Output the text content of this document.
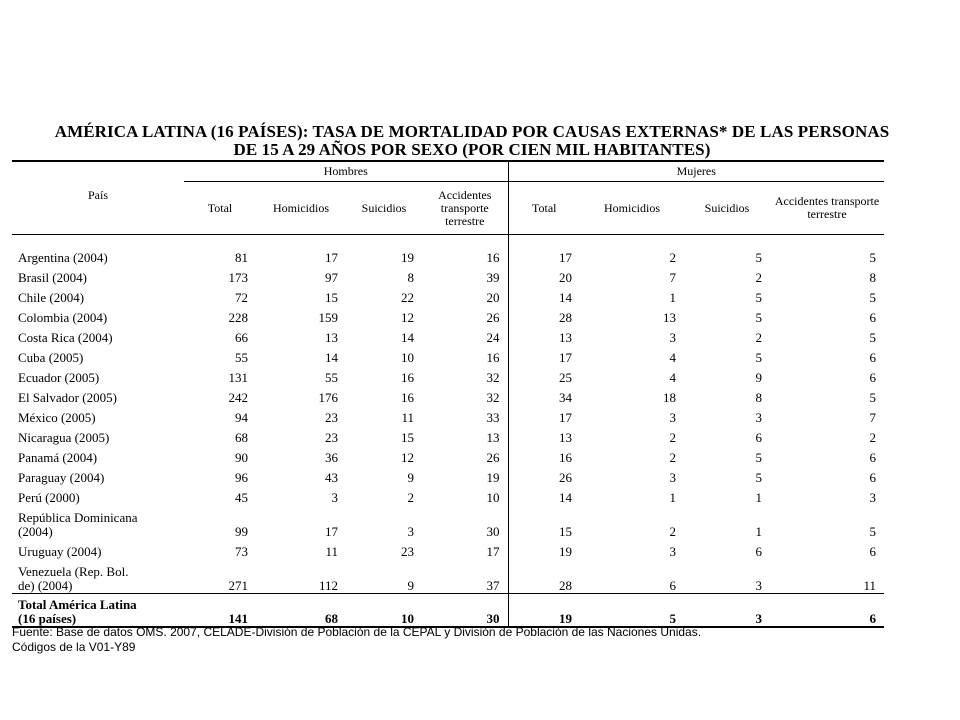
AMÉRICA LATINA (16 PAÍSES): TASA DE MORTALIDAD POR CAUSAS EXTERNAS* DE LAS PERSONAS
DE 15 A 29 AÑOS POR SEXO (POR CIEN MIL HABITANTES)
País	Hombres				Mujeres			
	Total	Homicidios	Suicidios	Accidentes transporte terrestre	Total	Homicidios	Suicidios	Accidentes transporte terrestre
Argentina (2004)	81	17	19	16	17	2	5	5
Brasil (2004)	173	97	8	39	20	7	2	8
Chile (2004)	72	15	22	20	14	1	5	5
Colombia (2004)	228	159	12	26	28	13	5	6
Costa Rica (2004)	66	13	14	24	13	3	2	5
Cuba (2005)	55	14	10	16	17	4	5	6
Ecuador (2005)	131	55	16	32	25	4	9	6
El Salvador (2005)	242	176	16	32	34	18	8	5
México (2005)	94	23	11	33	17	3	3	7
Nicaragua (2005)	68	23	15	13	13	2	6	2
Panamá (2004)	90	36	12	26	16	2	5	6
Paraguay (2004)	96	43	9	19	26	3	5	6
Perú (2000)	45	3	2	10	14	1	1	3

República Dominicana
(2004)	99	17	3	30	15	2	1	5
Uruguay (2004)	73	11	23	17	19	3	6	6

Venezuela (Rep. Bol.
de) (2004)	271	112	9	37	28	6	3	11

Total América Latina
(16 países)	141	68	10	30	19	5	3	6
Fuente: Base de datos OMS. 2007, CELADE-División de Población de la CEPAL y División de Población de las Naciones Unidas.
Códigos de la V01-Y89
